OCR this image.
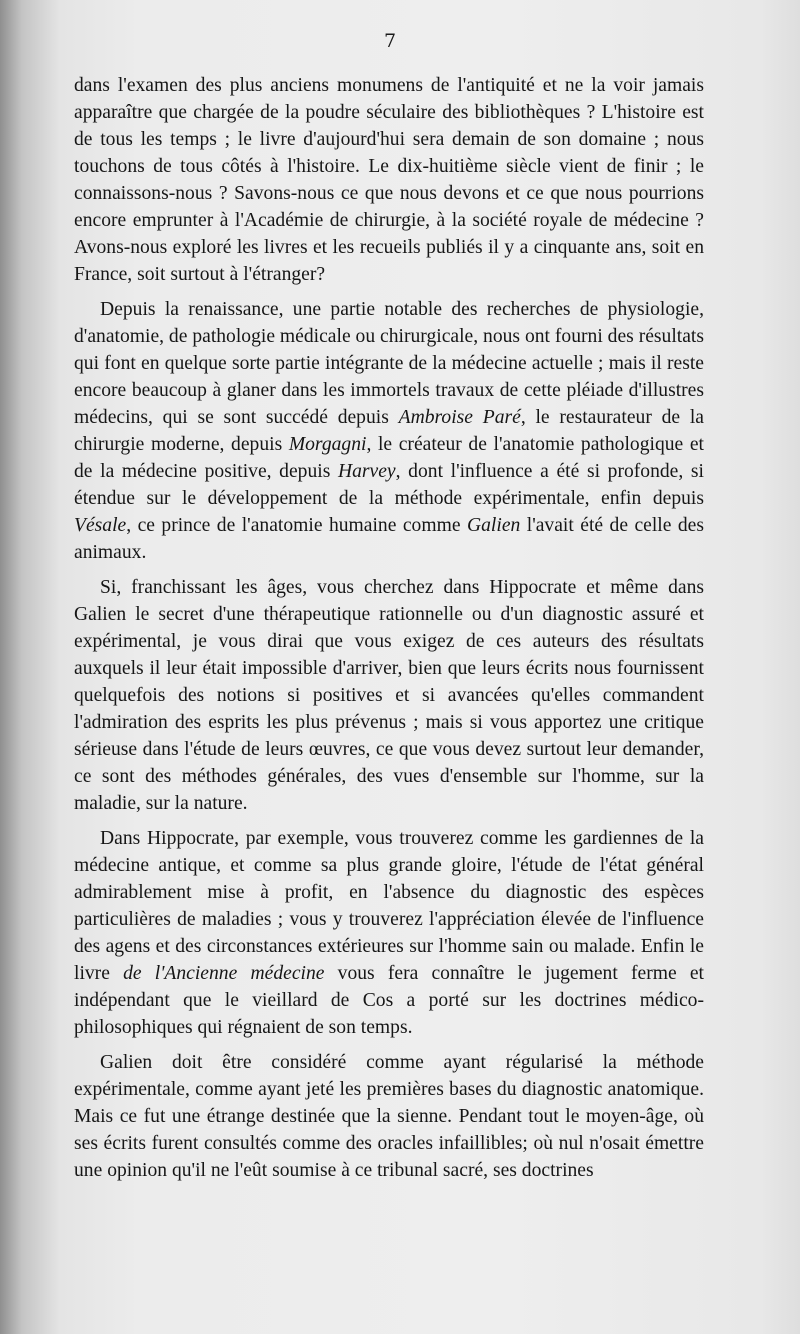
7

dans l'examen des plus anciens monumens de l'antiquité et ne la voir jamais apparaître que chargée de la poudre séculaire des bibliothèques ? L'histoire est de tous les temps ; le livre d'aujourd'hui sera demain de son domaine ; nous touchons de tous côtés à l'histoire. Le dix-huitième siècle vient de finir ; le connaissons-nous ? Savons-nous ce que nous devons et ce que nous pourrions encore emprunter à l'Académie de chirurgie, à la société royale de médecine ? Avons-nous exploré les livres et les recueils publiés il y a cinquante ans, soit en France, soit surtout à l'étranger?

Depuis la renaissance, une partie notable des recherches de physiologie, d'anatomie, de pathologie médicale ou chirurgicale, nous ont fourni des résultats qui font en quelque sorte partie intégrante de la médecine actuelle ; mais il reste encore beaucoup à glaner dans les immortels travaux de cette pléiade d'illustres médecins, qui se sont succédé depuis Ambroise Paré, le restaurateur de la chirurgie moderne, depuis Morgagni, le créateur de l'anatomie pathologique et de la médecine positive, depuis Harvey, dont l'influence a été si profonde, si étendue sur le développement de la méthode expérimentale, enfin depuis Vésale, ce prince de l'anatomie humaine comme Galien l'avait été de celle des animaux.

Si, franchissant les âges, vous cherchez dans Hippocrate et même dans Galien le secret d'une thérapeutique rationnelle ou d'un diagnostic assuré et expérimental, je vous dirai que vous exigez de ces auteurs des résultats auxquels il leur était impossible d'arriver, bien que leurs écrits nous fournissent quelquefois des notions si positives et si avancées qu'elles commandent l'admiration des esprits les plus prévenus ; mais si vous apportez une critique sérieuse dans l'étude de leurs œuvres, ce que vous devez surtout leur demander, ce sont des méthodes générales, des vues d'ensemble sur l'homme, sur la maladie, sur la nature.

Dans Hippocrate, par exemple, vous trouverez comme les gardiennes de la médecine antique, et comme sa plus grande gloire, l'étude de l'état général admirablement mise à profit, en l'absence du diagnostic des espèces particulières de maladies ; vous y trouverez l'appréciation élevée de l'influence des agens et des circonstances extérieures sur l'homme sain ou malade. Enfin le livre de l'Ancienne médecine vous fera connaître le jugement ferme et indépendant que le vieillard de Cos a porté sur les doctrines médico-philosophiques qui régnaient de son temps.

Galien doit être considéré comme ayant régularisé la méthode expérimentale, comme ayant jeté les premières bases du diagnostic anatomique. Mais ce fut une étrange destinée que la sienne. Pendant tout le moyen-âge, où ses écrits furent consultés comme des oracles infaillibles; où nul n'osait émettre une opinion qu'il ne l'eût soumise à ce tribunal sacré, ses doctrines
